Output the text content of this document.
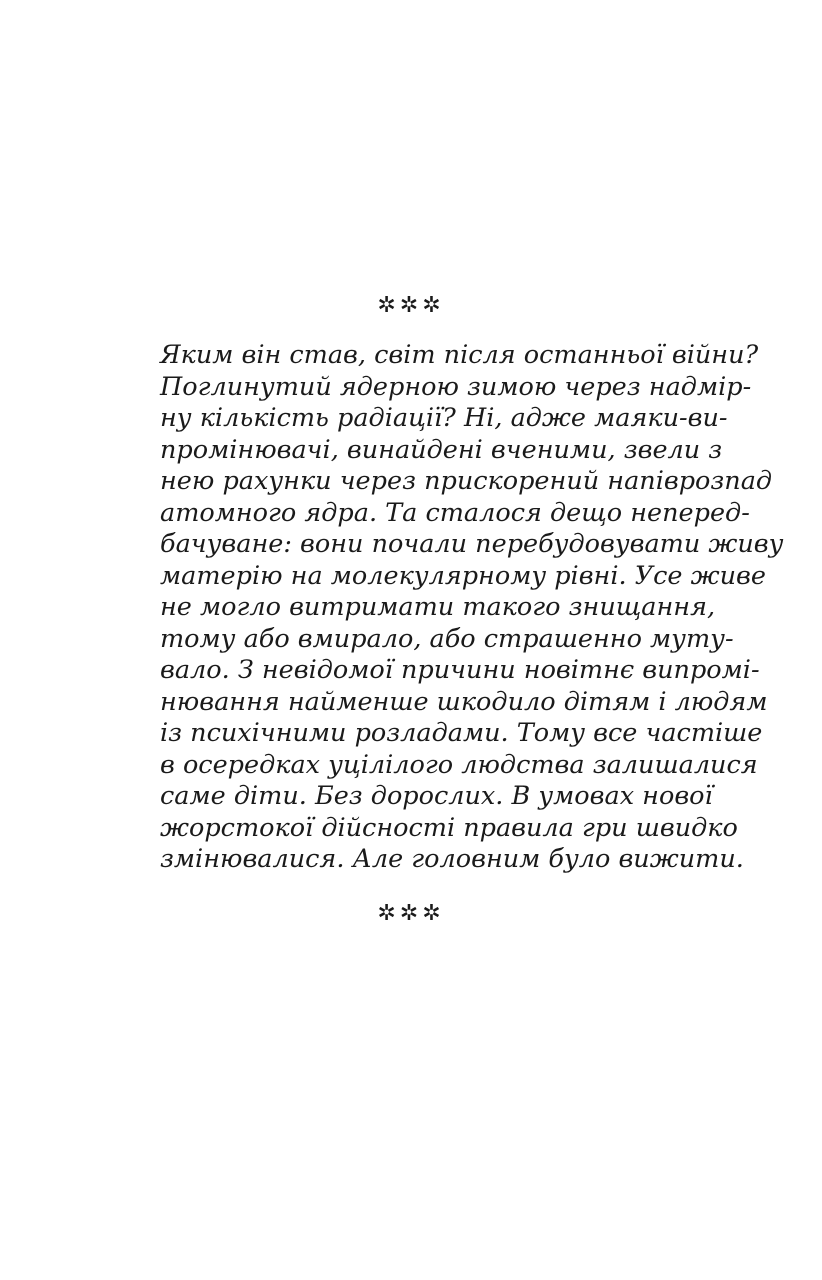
✲✲✲
Яким він став, світ після останньої війни?
Поглинутий ядерною зимою через надмір-
ну кількість радіації? Ні, адже маяки-ви-
промінювачі, винайдені вченими, звели з
нею рахунки через прискорений напіврозпад
атомного ядра. Та сталося дещо неперед-
бачуване: вони почали перебудовувати живу
матерію на молекулярному рівні. Усе живе
не могло витримати такого знищання,
тому або вмирало, або страшенно муту-
вало. З невідомої причини новітнє випромі-
нювання найменше шкодило дітям і людям
із психічними розладами. Тому все частіше
в осередках уцілілого людства залишалися
саме діти. Без дорослих. В умовах нової
жорстокої дійсності правила гри швидко
змінювалися. Але головним було вижити.
✲✲✲
